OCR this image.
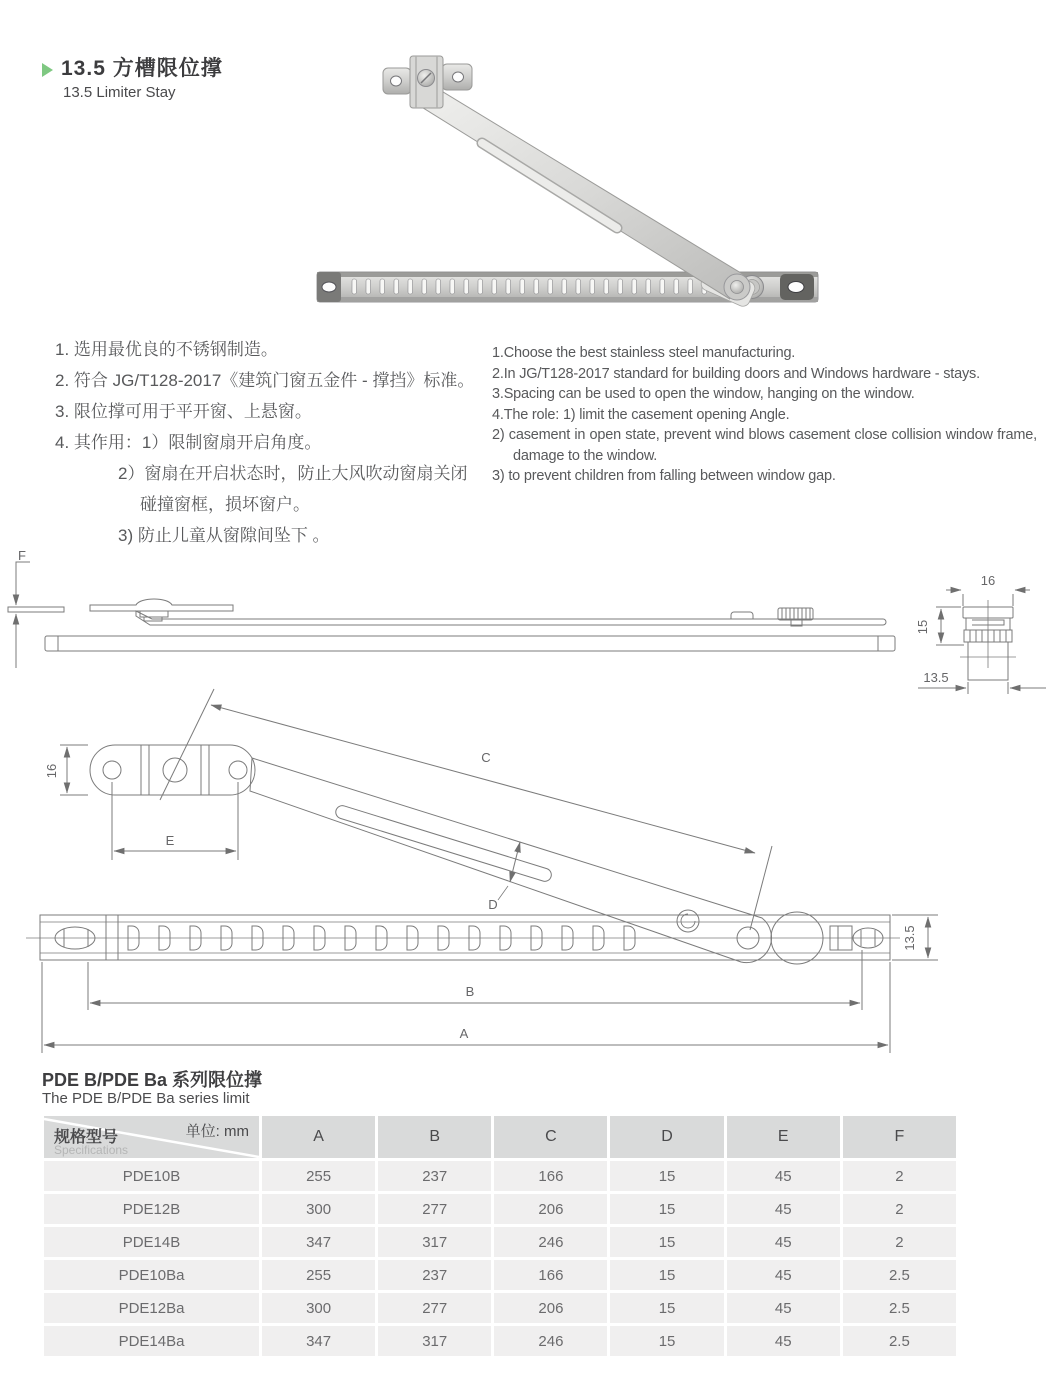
13.5 方槽限位撑
13.5 Limiter Stay
1. 选用最优良的不锈钢制造。
2. 符合 JG/T128-2017《建筑门窗五金件 - 撑挡》标准。
3. 限位撑可用于平开窗、上悬窗。
4. 其作用：1）限制窗扇开启角度。
2）窗扇在开启状态时，防止大风吹动窗扇关闭
碰撞窗框，损坏窗户。
3) 防止儿童从窗隙间坠下 。
1.Choose the best stainless steel manufacturing.
2.In JG/T128-2017 standard for building doors and Windows hardware - stays.
3.Spacing can be used to open the window, hanging on the window.
4.The role: 1) limit the casement opening Angle.
2) casement in open state, prevent wind blows casement close collision window frame, damage to the window.
3) to prevent children from falling between window gap.
F
16
15
13.5
16
E
C
D
13.5
B
A
PDE B/PDE Ba 系列限位撑
The PDE B/PDE Ba series limit
单位: mm
规格型号
Specifications
A	B	C	D	E	F
PDE10B	255	237	166	15	45	2
PDE12B	300	277	206	15	45	2
PDE14B	347	317	246	15	45	2
PDE10Ba	255	237	166	15	45	2.5
PDE12Ba	300	277	206	15	45	2.5
PDE14Ba	347	317	246	15	45	2.5
